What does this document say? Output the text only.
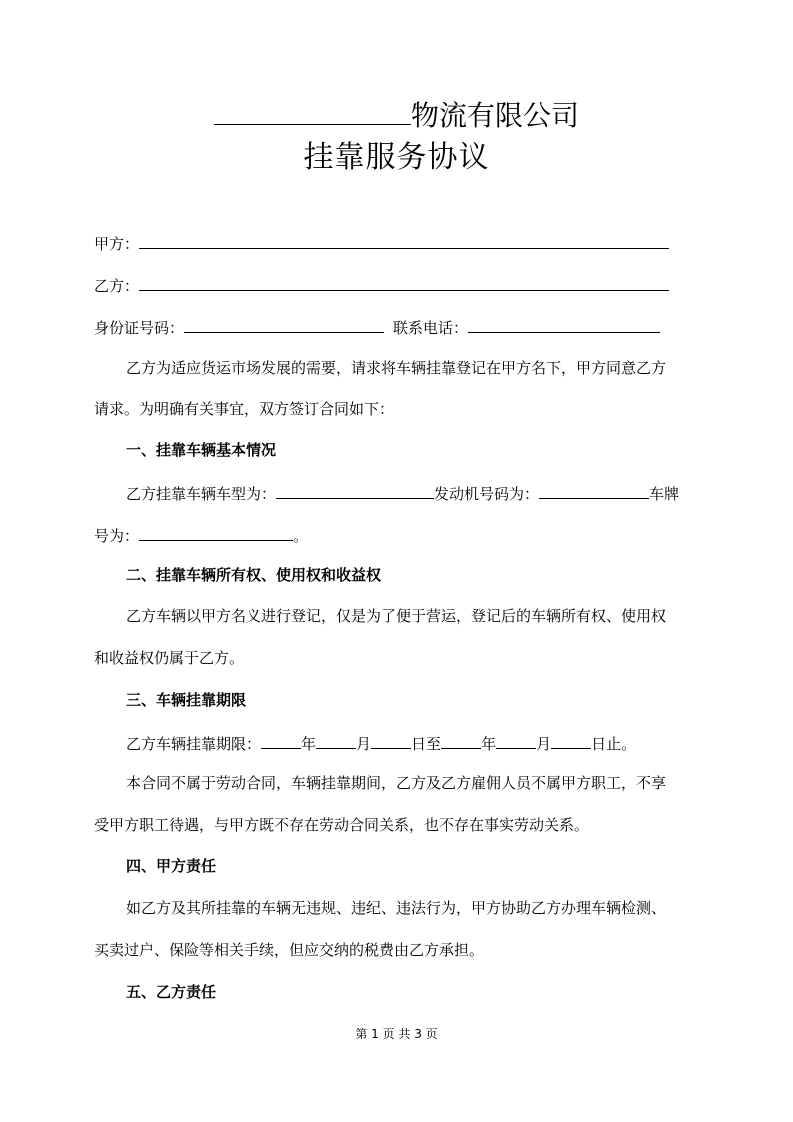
物流有限公司
挂靠服务协议
甲方：
乙方：
身份证号码：	联系电话：
乙方为适应货运市场发展的需要，请求将车辆挂靠登记在甲方名下，甲方同意乙方
请求。为明确有关事宜，双方签订合同如下：
一、挂靠车辆基本情况
乙方挂靠车辆车型为：	发动机号码为：	车牌
号为：	。
二、挂靠车辆所有权、使用权和收益权
乙方车辆以甲方名义进行登记，仅是为了便于营运，登记后的车辆所有权、使用权
和收益权仍属于乙方。
三、车辆挂靠期限
乙方车辆挂靠期限：	年	月	日至	年	月	日止。
本合同不属于劳动合同，车辆挂靠期间，乙方及乙方雇佣人员不属甲方职工，不享
受甲方职工待遇，与甲方既不存在劳动合同关系，也不存在事实劳动关系。
四、甲方责任
如乙方及其所挂靠的车辆无违规、违纪、违法行为，甲方协助乙方办理车辆检测、
买卖过户、保险等相关手续，但应交纳的税费由乙方承担。
五、乙方责任
第 1 页 共 3 页
